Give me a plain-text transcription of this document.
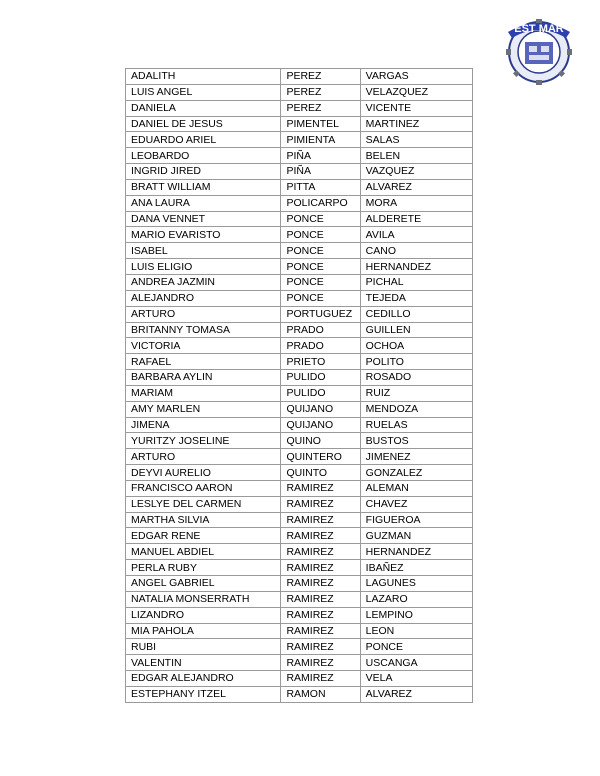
EST MAR
ADALITH	PEREZ	VARGAS
LUIS ANGEL	PEREZ	VELAZQUEZ
DANIELA	PEREZ	VICENTE
DANIEL DE JESUS	PIMENTEL	MARTINEZ
EDUARDO ARIEL	PIMIENTA	SALAS
LEOBARDO	PIÑA	BELEN
INGRID JIRED	PIÑA	VAZQUEZ
BRATT WILLIAM	PITTA	ALVAREZ
ANA LAURA	POLICARPO	MORA
DANA VENNET	PONCE	ALDERETE
MARIO EVARISTO	PONCE	AVILA
ISABEL	PONCE	CANO
LUIS ELIGIO	PONCE	HERNANDEZ
ANDREA JAZMIN	PONCE	PICHAL
ALEJANDRO	PONCE	TEJEDA
ARTURO	PORTUGUEZ	CEDILLO
BRITANNY TOMASA	PRADO	GUILLEN
VICTORIA	PRADO	OCHOA
RAFAEL	PRIETO	POLITO
BARBARA AYLIN	PULIDO	ROSADO
MARIAM	PULIDO	RUIZ
AMY MARLEN	QUIJANO	MENDOZA
JIMENA	QUIJANO	RUELAS
YURITZY JOSELINE	QUINO	BUSTOS
ARTURO	QUINTERO	JIMENEZ
DEYVI AURELIO	QUINTO	GONZALEZ
FRANCISCO AARON	RAMIREZ	ALEMAN
LESLYE DEL CARMEN	RAMIREZ	CHAVEZ
MARTHA SILVIA	RAMIREZ	FIGUEROA
EDGAR RENE	RAMIREZ	GUZMAN
MANUEL ABDIEL	RAMIREZ	HERNANDEZ
PERLA RUBY	RAMIREZ	IBAÑEZ
ANGEL GABRIEL	RAMIREZ	LAGUNES
NATALIA MONSERRATH	RAMIREZ	LAZARO
LIZANDRO	RAMIREZ	LEMPINO
MIA PAHOLA	RAMIREZ	LEON
RUBI	RAMIREZ	PONCE
VALENTIN	RAMIREZ	USCANGA
EDGAR ALEJANDRO	RAMIREZ	VELA
ESTEPHANY ITZEL	RAMON	ALVAREZ
